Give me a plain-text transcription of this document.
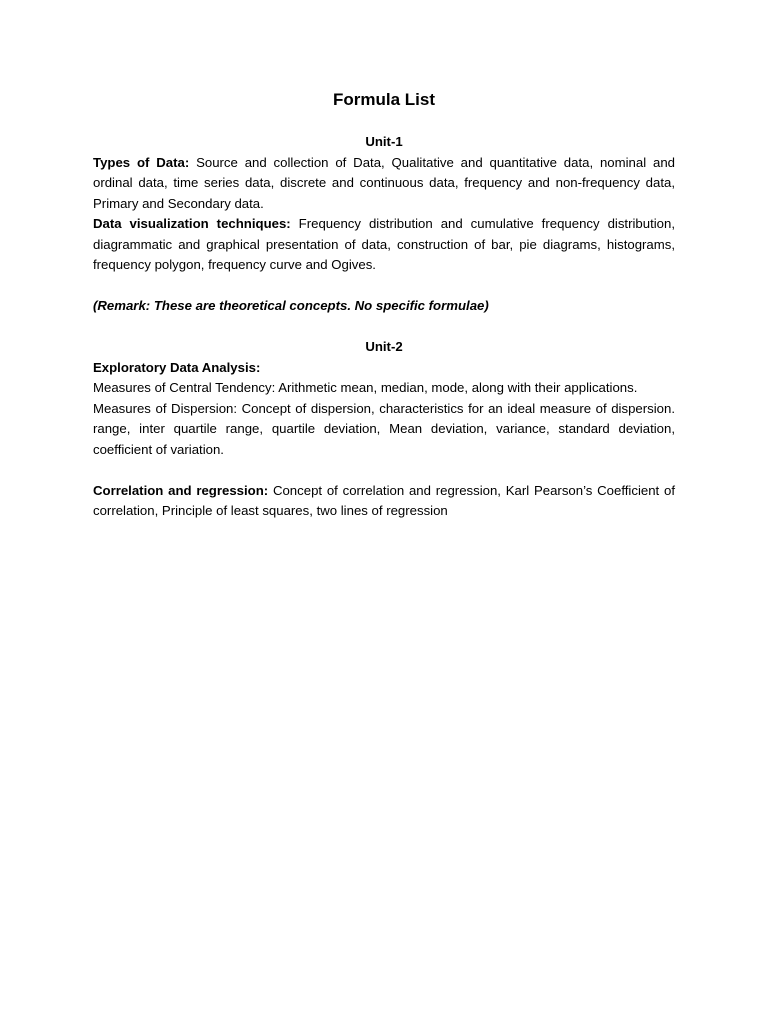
Formula List
Unit-1

Types of Data: Source and collection of Data, Qualitative and quantitative data, nominal and ordinal data, time series data, discrete and continuous data, frequency and non-frequency data, Primary and Secondary data.

Data visualization techniques: Frequency distribution and cumulative frequency distribution, diagrammatic and graphical presentation of data, construction of bar, pie diagrams, histograms, frequency polygon, frequency curve and Ogives.

(Remark: These are theoretical concepts. No specific formulae)

Unit-2

Exploratory Data Analysis:

Measures of Central Tendency: Arithmetic mean, median, mode, along with their applications.

Measures of Dispersion: Concept of dispersion, characteristics for an ideal measure of dispersion. range, inter quartile range, quartile deviation, Mean deviation, variance, standard deviation, coefficient of variation.

Correlation and regression: Concept of correlation and regression, Karl Pearson’s Coefficient of correlation, Principle of least squares, two lines of regression
